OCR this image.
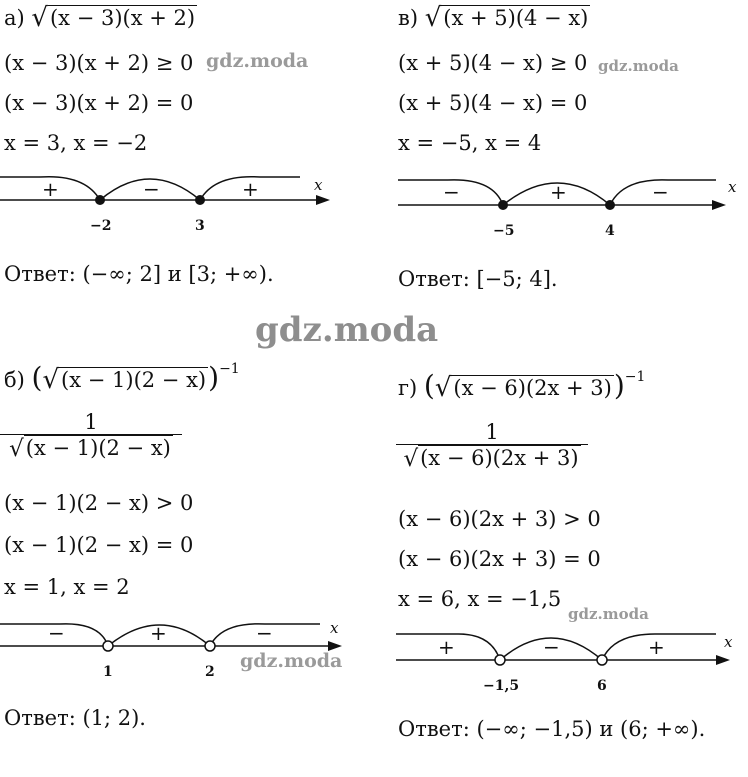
а) √(x − 3)(x + 2)
(x − 3)(x + 2) ≥ 0 gdz.moda
(x − 3)(x + 2) = 0
x = 3, x = −2
+	−	+
−2	3
x
Ответ: (−∞; 2] и [3; +∞).
в) √(x + 5)(4 − x)
(x + 5)(4 − x) ≥ 0 gdz.moda
(x + 5)(4 − x) = 0
x = −5, x = 4
−	+	−
−5	4
x
Ответ: [−5; 4].
gdz.moda
б) $(√(x - 1)(2 - x))^{-1}$
$\frac{1}{√(x - 1)(2 - x)}$
(x − 1)(2 − x) > 0
(x − 1)(2 − x) = 0
x = 1, x = 2
−	+	−
1	2
x
gdz.moda
Ответ: (1; 2).
г) $(√(x - 6)(2x + 3))^{-1}$
$\frac{1}{√(x - 6)(2x + 3)}$
(x − 6)(2x + 3) > 0
(x − 6)(2x + 3) = 0
x = 6, x = −1,5
gdz.moda
+	−	+
−1,5	6
x
Ответ: (−∞; −1,5) и (6; +∞).
